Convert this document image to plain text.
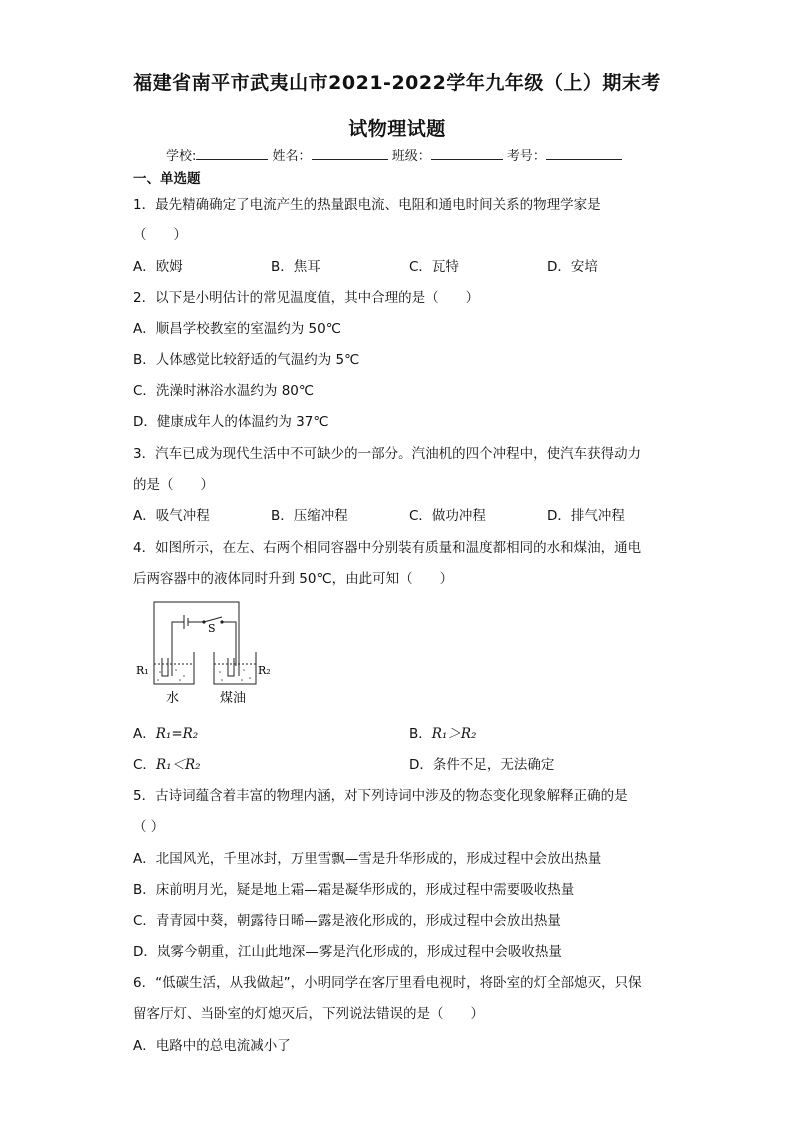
福建省南平市武夷山市2021-2022学年九年级（上）期末考
试物理试题
学校:	姓名：	班级：	考号：
一、单选题
1．最先精确确定了电流产生的热量跟电流、电阻和通电时间关系的物理学家是
（　　）
A．欧姆	B．焦耳	C．瓦特	D．安培
2．以下是小明估计的常见温度值，其中合理的是（　　）
A．顺昌学校教室的室温约为 50℃
B．人体感觉比较舒适的气温约为 5℃
C．洗澡时淋浴水温约为 80℃
D．健康成年人的体温约为 37℃
3．汽车已成为现代生活中不可缺少的一部分。汽油机的四个冲程中，使汽车获得动力
的是（　　）
A．吸气冲程	B．压缩冲程	C．做功冲程	D．排气冲程
4．如图所示，在左、右两个相同容器中分别装有质量和温度都相同的水和煤油，通电
后两容器中的液体同时升到 50℃，由此可知（　　）
S
R₁	R₂
水	煤油
A．R₁=R₂	B．R₁＞R₂
C．R₁＜R₂	D．条件不足，无法确定
5．古诗词蕴含着丰富的物理内涵，对下列诗词中涉及的物态变化现象解释正确的是
（ ）
A．北国风光，千里冰封，万里雪飘—雪是升华形成的，形成过程中会放出热量
B．床前明月光，疑是地上霜—霜是凝华形成的，形成过程中需要吸收热量
C．青青园中葵，朝露待日晞—露是液化形成的，形成过程中会放出热量
D．岚雾今朝重，江山此地深—雾是汽化形成的，形成过程中会吸收热量
6．“低碳生活，从我做起”，小明同学在客厅里看电视时，将卧室的灯全部熄灭，只保
留客厅灯、当卧室的灯熄灭后，下列说法错误的是（　　）
A．电路中的总电流减小了
